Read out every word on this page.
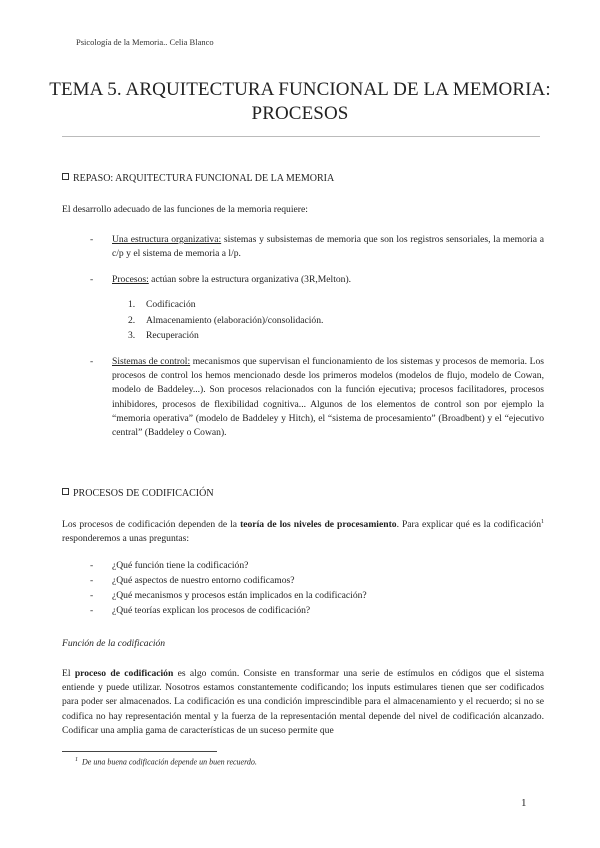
Psicología de la Memoria.. Celia Blanco
TEMA 5. ARQUITECTURA FUNCIONAL DE LA MEMORIA:
PROCESOS
REPASO: ARQUITECTURA FUNCIONAL DE LA MEMORIA
El desarrollo adecuado de las funciones de la memoria requiere:
- Una estructura organizativa: sistemas y subsistemas de memoria que son los registros sensoriales, la memoria a c/p y el sistema de memoria a l/p.
- Procesos: actúan sobre la estructura organizativa (3R,Melton).
1. Codificación
2. Almacenamiento (elaboración)/consolidación.
3. Recuperación
- Sistemas de control: mecanismos que supervisan el funcionamiento de los sistemas y procesos de memoria. Los procesos de control los hemos mencionado desde los primeros modelos (modelos de flujo, modelo de Cowan, modelo de Baddeley...). Son procesos relacionados con la función ejecutiva; procesos facilitadores, procesos inhibidores, procesos de flexibilidad cognitiva... Algunos de los elementos de control son por ejemplo la “memoria operativa” (modelo de Baddeley y Hitch), el “sistema de procesamiento” (Broadbent) y el “ejecutivo central” (Baddeley o Cowan).
PROCESOS DE CODIFICACIÓN
Los procesos de codificación dependen de la teoría de los niveles de procesamiento. Para explicar qué es la codificación$^1$ responderemos a unas preguntas:
- ¿Qué función tiene la codificación?
- ¿Qué aspectos de nuestro entorno codificamos?
- ¿Qué mecanismos y procesos están implicados en la codificación?
- ¿Qué teorías explican los procesos de codificación?
Función de la codificación
El proceso de codificación es algo común. Consiste en transformar una serie de estímulos en códigos que el sistema entiende y puede utilizar. Nosotros estamos constantemente codificando; los inputs estimulares tienen que ser codificados para poder ser almacenados. La codificación es una condición imprescindible para el almacenamiento y el recuerdo; si no se codifica no hay representación mental y la fuerza de la representación mental depende del nivel de codificación alcanzado. Codificar una amplia gama de características de un suceso permite que
$^1$ De una buena codificación depende un buen recuerdo.
1
